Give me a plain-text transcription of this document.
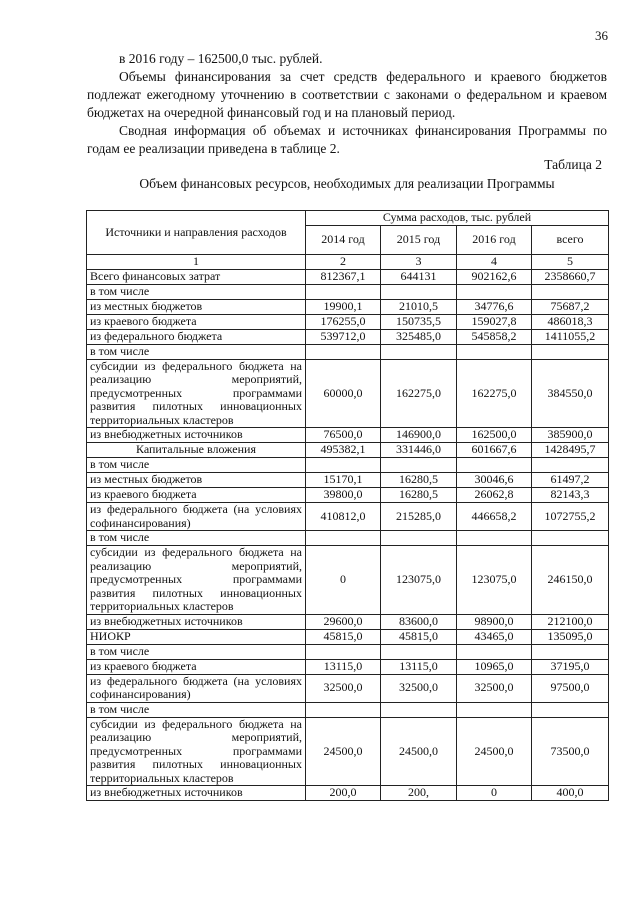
36

в 2016 году – 162500,0 тыс. рублей.

Объемы финансирования за счет средств федерального и краевого бюджетов подлежат ежегодному уточнению в соответствии с законами о федеральном и краевом бюджетах на очередной финансовый год и на плановый период.

Сводная информация об объемах и источниках финансирования Программы по годам ее реализации приведена в таблице 2.

Таблица 2
Объем финансовых ресурсов, необходимых для реализации Программы
Источники и направления расходов	Сумма расходов, тыс. рублей			
	2014 год	2015 год	2016 год	всего
1	2	3	4	5
Всего финансовых затрат	812367,1	644131	902162,6	2358660,7
в том числе				
из местных бюджетов	19900,1	21010,5	34776,6	75687,2
из краевого бюджета	176255,0	150735,5	159027,8	486018,3
из федерального бюджета	539712,0	325485,0	545858,2	1411055,2
в том числе				
субсидии из федерального бюджета на реализацию мероприятий, предусмотренных программами развития пилотных инновационных территориальных кластеров	60000,0	162275,0	162275,0	384550,0
из внебюджетных источников	76500,0	146900,0	162500,0	385900,0
Капитальные вложения	495382,1	331446,0	601667,6	1428495,7
в том числе				
из местных бюджетов	15170,1	16280,5	30046,6	61497,2
из краевого бюджета	39800,0	16280,5	26062,8	82143,3
из федерального бюджета (на условиях софинансирования)	410812,0	215285,0	446658,2	1072755,2
в том числе				
субсидии из федерального бюджета на реализацию мероприятий, предусмотренных программами развития пилотных инновационных территориальных кластеров	0	123075,0	123075,0	246150,0
из внебюджетных источников	29600,0	83600,0	98900,0	212100,0
НИОКР	45815,0	45815,0	43465,0	135095,0
в том числе				
из краевого бюджета	13115,0	13115,0	10965,0	37195,0
из федерального бюджета (на условиях софинансирования)	32500,0	32500,0	32500,0	97500,0
в том числе				
субсидии из федерального бюджета на реализацию мероприятий, предусмотренных программами развития пилотных инновационных территориальных кластеров	24500,0	24500,0	24500,0	73500,0
из внебюджетных источников	200,0	200,	0	400,0
